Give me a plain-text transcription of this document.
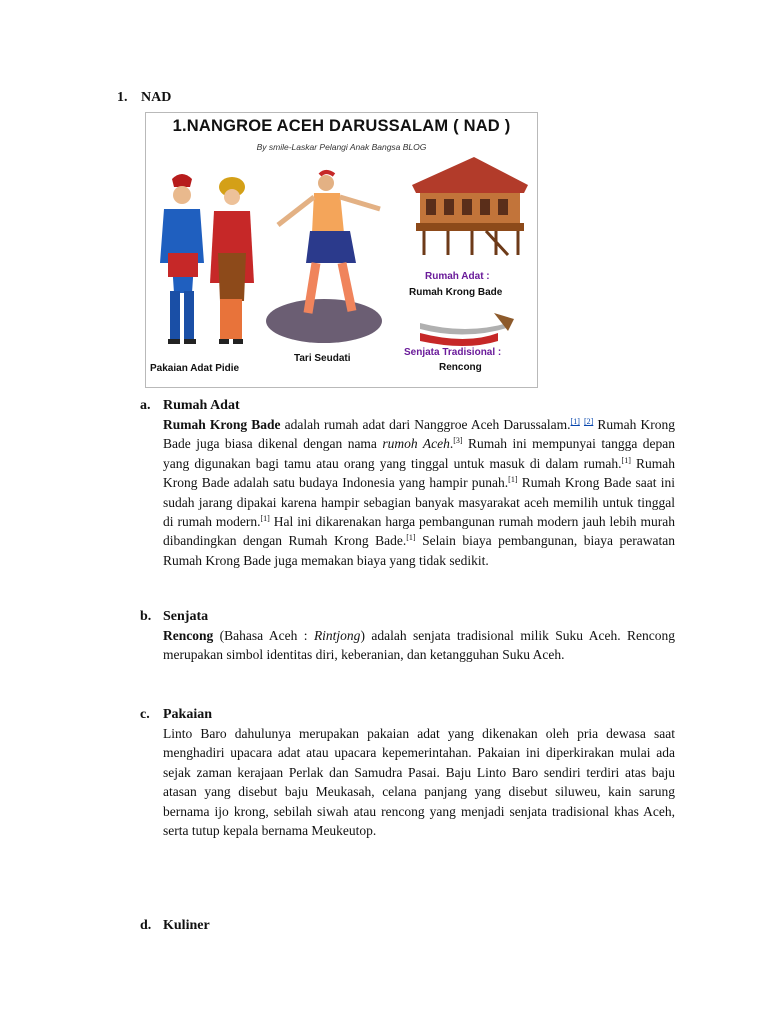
1. NAD
1.NANGROE ACEH DARUSSALAM ( NAD )
By smile-Laskar Pelangi Anak Bangsa BLOG
Pakaian Adat Pidie
Tari Seudati
Rumah Adat :
Rumah Krong Bade
Senjata Tradisional :
Rencong
a. Rumah Adat
Rumah Krong Bade adalah rumah adat dari Nanggroe Aceh Darussalam.[1] [2] Rumah Krong Bade juga biasa dikenal dengan nama rumoh Aceh.[3] Rumah ini mempunyai tangga depan yang digunakan bagi tamu atau orang yang tinggal untuk masuk di dalam rumah.[1] Rumah Krong Bade adalah satu budaya Indonesia yang hampir punah.[1] Rumah Krong Bade saat ini sudah jarang dipakai karena hampir sebagian banyak masyarakat aceh memilih untuk tinggal di rumah modern.[1] Hal ini dikarenakan harga pembangunan rumah modern jauh lebih murah dibandingkan dengan Rumah Krong Bade.[1] Selain biaya pembangunan, biaya perawatan Rumah Krong Bade juga memakan biaya yang tidak sedikit.
b. Senjata
Rencong (Bahasa Aceh : Rintjong) adalah senjata tradisional milik Suku Aceh. Rencong merupakan simbol identitas diri, keberanian, dan ketangguhan Suku Aceh.
c. Pakaian
Linto Baro dahulunya merupakan pakaian adat yang dikenakan oleh pria dewasa saat menghadiri upacara adat atau upacara kepemerintahan. Pakaian ini diperkirakan mulai ada sejak zaman kerajaan Perlak dan Samudra Pasai. Baju Linto Baro sendiri terdiri atas baju atasan yang disebut baju Meukasah, celana panjang yang disebut siluweu, kain sarung bernama ijo krong, sebilah siwah atau rencong yang menjadi senjata tradisional khas Aceh, serta tutup kepala bernama Meukeutop.
d. Kuliner
